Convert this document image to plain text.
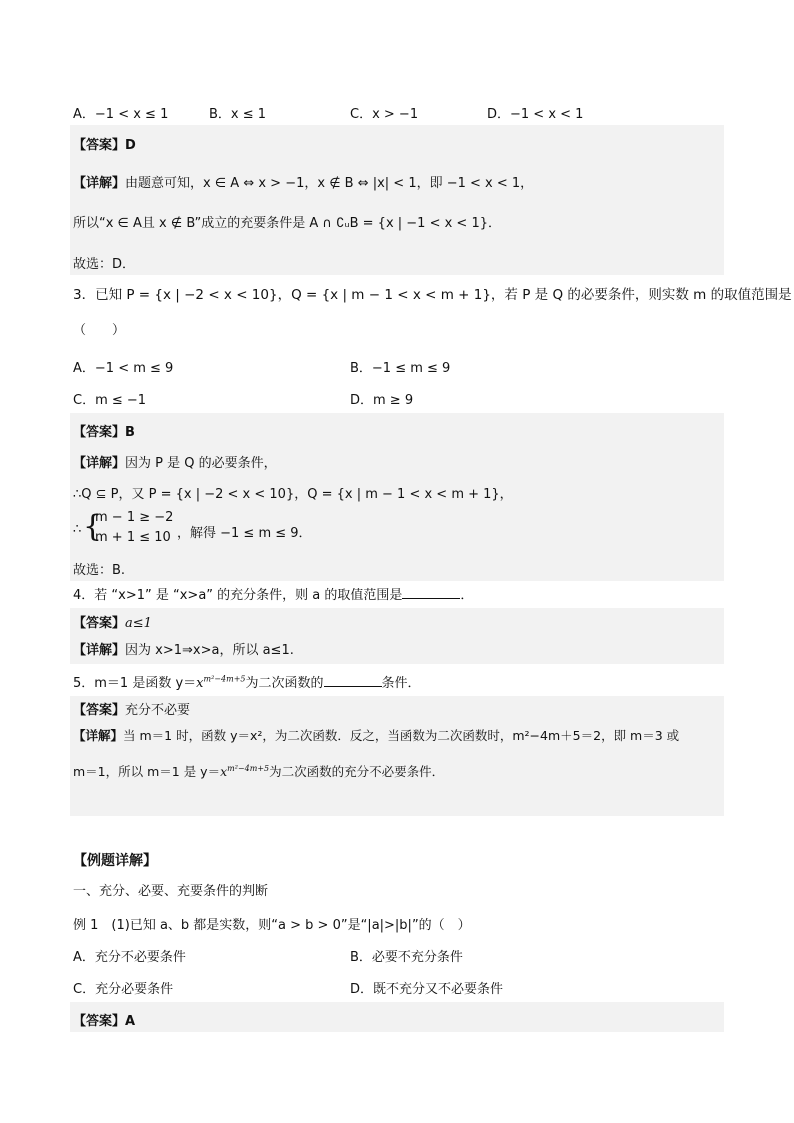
A．−1 < x ≤ 1	B．x ≤ 1	C．x > −1	D．−1 < x < 1
【答案】D
【详解】由题意可知，x ∈ A ⇔ x > −1，x ∉ B ⇔ |x| < 1，即 −1 < x < 1，
所以“x ∈ A且 x ∉ B”成立的充要条件是 A ∩ ∁ᵤB = {x | −1 < x < 1}．
故选：D．
3．已知 P = {x | −2 < x < 10}，Q = {x | m − 1 < x < m + 1}，若 P 是 Q 的必要条件，则实数 m 的取值范围是
（　　）
A．−1 < m ≤ 9	B．−1 ≤ m ≤ 9
C．m ≤ −1	D．m ≥ 9
【答案】B
【详解】因为 P 是 Q 的必要条件，
∴Q ⊆ P，又 P = {x | −2 < x < 10}，Q = {x | m − 1 < x < m + 1}，
∴ {
m − 1 ≥ −2
m + 1 ≤ 10 ，解得 −1 ≤ m ≤ 9．
故选：B.
4．若 “x>1” 是 “x>a” 的充分条件，则 a 的取值范围是	．
【答案】a≤1
【详解】因为 x>1⇒x>a，所以 a≤1.
5．m＝1 是函数 $y=x^{m^2-4m+5}$为二次函数的	条件．
【答案】充分不必要
【详解】当 m＝1 时，函数 y＝x²，为二次函数．反之，当函数为二次函数时，m²−4m＋5＝2，即 m＝3 或
m＝1，所以 m＝1 是 $y=x^{m^2-4m+5}$为二次函数的充分不必要条件．
【例题详解】
一、充分、必要、充要条件的判断
例 1　(1)已知 a、b 都是实数，则“a > b > 0”是“|a|>|b|”的（　）
A．充分不必要条件	B．必要不充分条件
C．充分必要条件	D．既不充分又不必要条件
【答案】A
